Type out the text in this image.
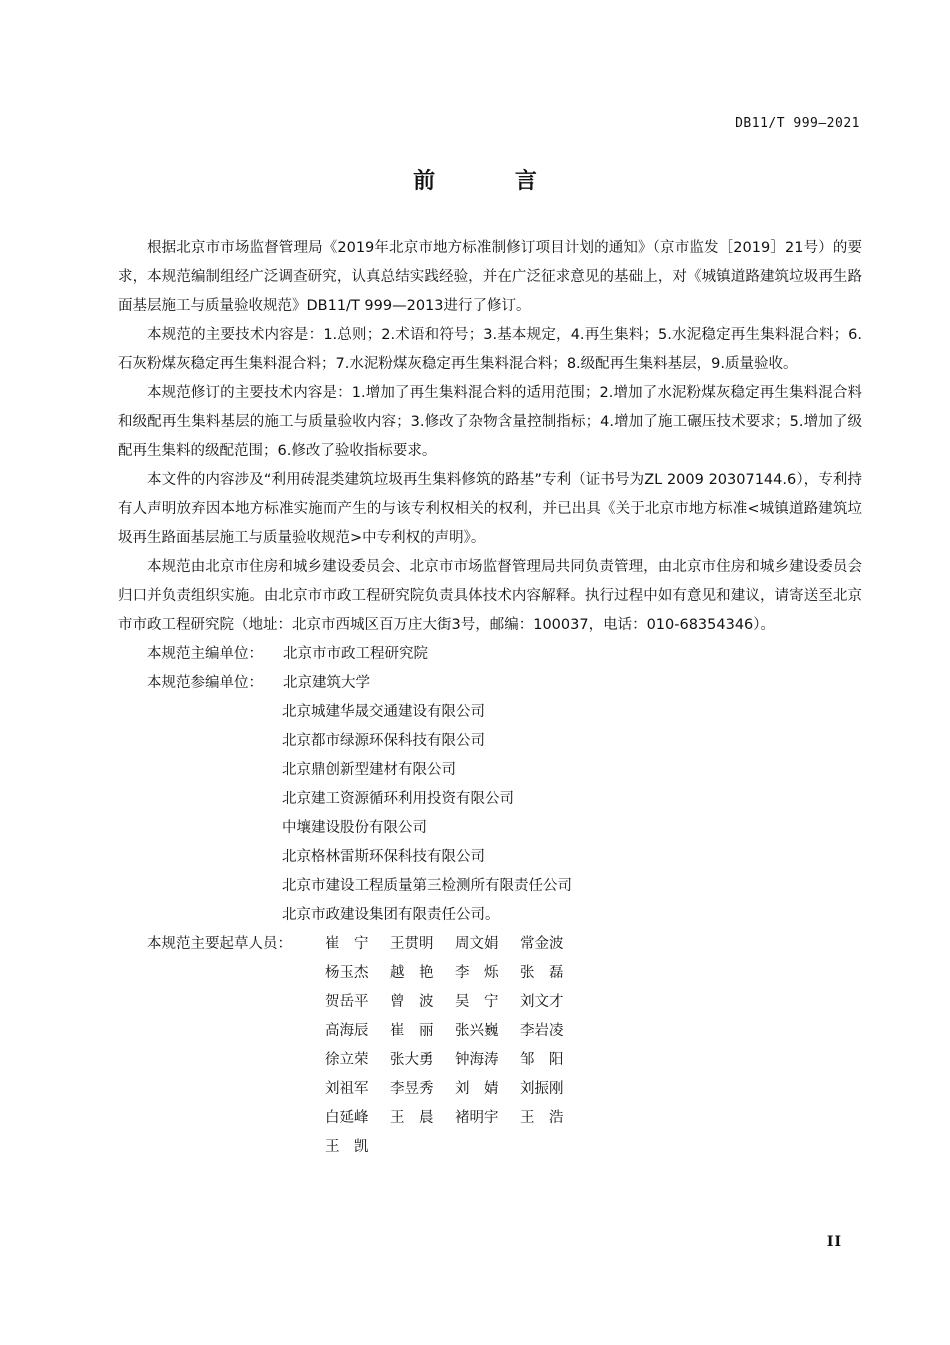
DB11/T 999—2021
前 言

根据北京市市场监督管理局《2019年北京市地方标准制修订项目计划的通知》（京市监发［2019］21号）的要求，本规范编制组经广泛调查研究，认真总结实践经验，并在广泛征求意见的基础上，对《城镇道路建筑垃圾再生路面基层施工与质量验收规范》DB11/T 999—2013进行了修订。

本规范的主要技术内容是：1.总则；2.术语和符号；3.基本规定，4.再生集料；5.水泥稳定再生集料混合料；6.石灰粉煤灰稳定再生集料混合料；7.水泥粉煤灰稳定再生集料混合料；8.级配再生集料基层，9.质量验收。

本规范修订的主要技术内容是：1.增加了再生集料混合料的适用范围；2.增加了水泥粉煤灰稳定再生集料混合料和级配再生集料基层的施工与质量验收内容；3.修改了杂物含量控制指标；4.增加了施工碾压技术要求；5.增加了级配再生集料的级配范围；6.修改了验收指标要求。

本文件的内容涉及“利用砖混类建筑垃圾再生集料修筑的路基”专利（证书号为ZL 2009 20307144.6），专利持有人声明放弃因本地方标准实施而产生的与该专利权相关的权利，并已出具《关于北京市地方标准<城镇道路建筑垃圾再生路面基层施工与质量验收规范>中专利权的声明》。

本规范由北京市住房和城乡建设委员会、北京市市场监督管理局共同负责管理，由北京市住房和城乡建设委员会归口并负责组织实施。由北京市市政工程研究院负责具体技术内容解释。执行过程中如有意见和建议，请寄送至北京市市政工程研究院（地址：北京市西城区百万庄大街3号，邮编：100037，电话：010-68354346）。

本规范主编单位：	北京市市政工程研究院
本规范参编单位：	北京建筑大学
北京城建华晟交通建设有限公司
北京都市绿源环保科技有限公司
北京鼎创新型建材有限公司
北京建工资源循环利用投资有限公司
中壤建设股份有限公司
北京格林雷斯环保科技有限公司
北京市建设工程质量第三检测所有限责任公司
北京市政建设集团有限责任公司。
本规范主要起草人员：	崔　宁	王贯明	周文娟	常金波
杨玉杰	越　艳	李　烁	张　磊
贺岳平	曾　波	吴　宁	刘文才
高海辰	崔　丽	张兴巍	李岩凌
徐立荣	张大勇	钟海涛	邹　阳
刘祖军	李昱秀	刘　婧	刘振刚
白延峰	王　晨	褚明宇	王　浩
王　凯
II
